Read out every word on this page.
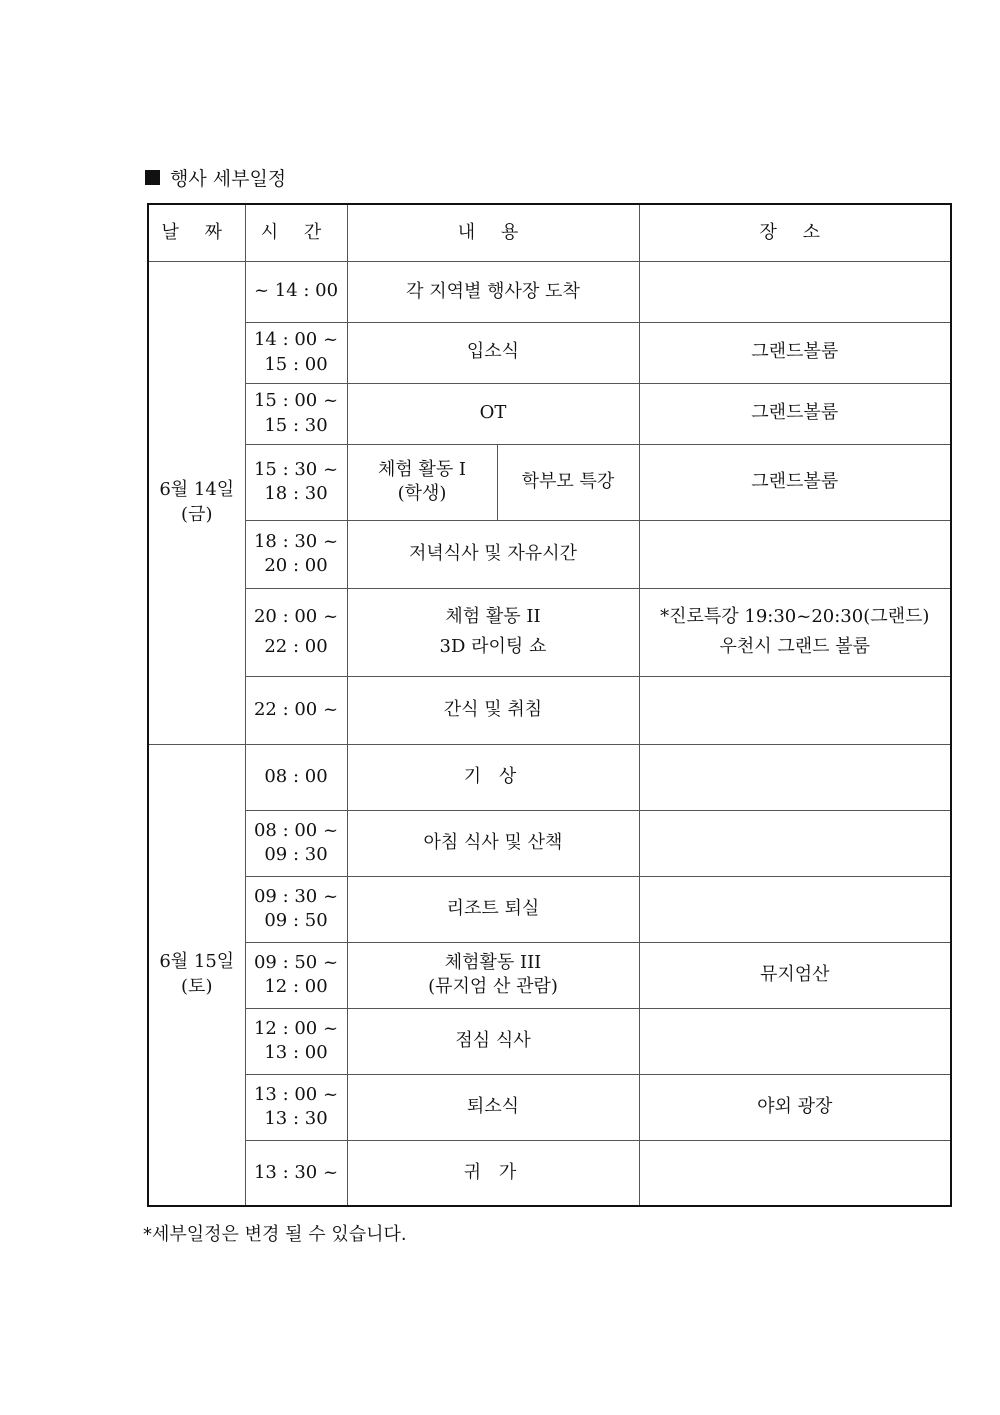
행사 세부일정
날 짜	시 간	내 용		장 소

6월 14일
(금)	~ 14 : 00	각 지역별 행사장 도착		

	14 : 00 ~
15 : 00	입소식		그랜드볼룸

	15 : 00 ~
15 : 30	OT		그랜드볼룸

	15 : 30 ~
18 : 30	체험 활동 I
(학생)	학부모 특강	그랜드볼룸

	18 : 30 ~
20 : 00	저녁식사 및 자유시간		

	20 : 00 ~
22 : 00	체험 활동 II
3D 라이팅 쇼		*진로특강 19:30~20:30(그랜드)
우천시 그랜드 볼룸

	22 : 00 ~	간식 및 취침		

6월 15일
(토)	08 : 00	기 상		

	08 : 00 ~
09 : 30	아침 식사 및 산책		

	09 : 30 ~
09 : 50	리조트 퇴실		

	09 : 50 ~
12 : 00	체험활동 III
(뮤지엄 산 관람)		뮤지엄산

	12 : 00 ~
13 : 00	점심 식사		

	13 : 00 ~
13 : 30	퇴소식		야외 광장

	13 : 30 ~	귀 가		
*세부일정은 변경 될 수 있습니다.
